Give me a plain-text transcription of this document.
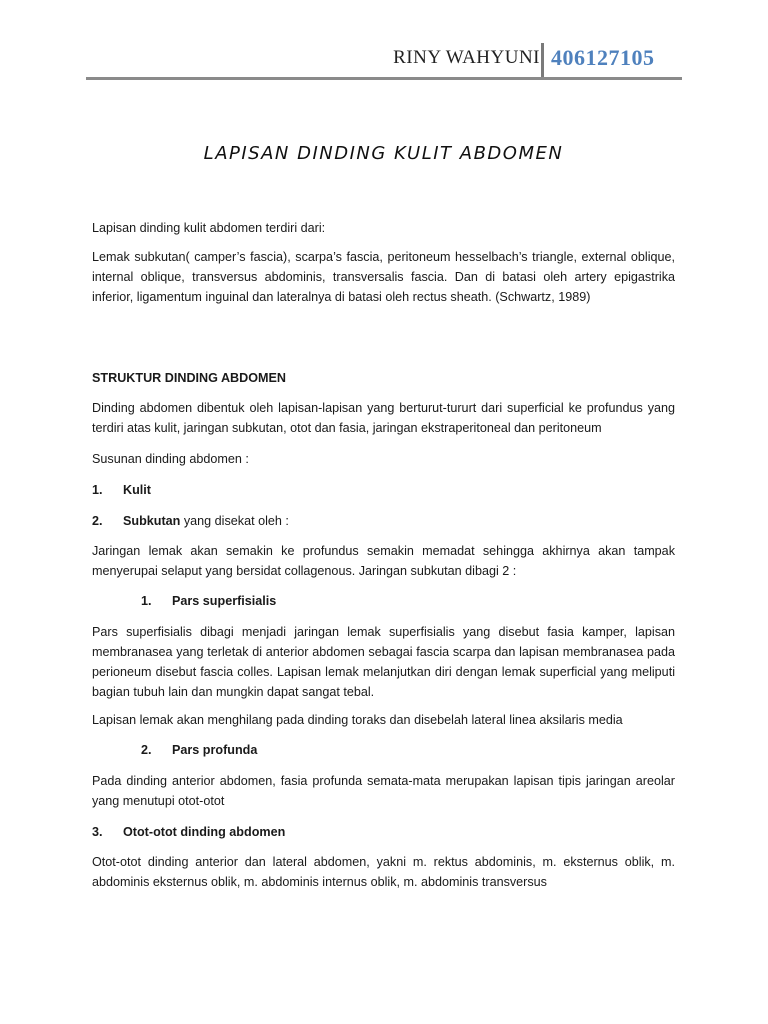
RINY WAHYUNI 406127105
LAPISAN DINDING KULIT ABDOMEN

Lapisan dinding kulit abdomen terdiri dari:

Lemak subkutan( camper’s fascia), scarpa’s fascia, peritoneum hesselbach’s triangle, external oblique, internal oblique, transversus abdominis, transversalis fascia. Dan di batasi oleh artery epigastrika inferior, ligamentum inguinal dan lateralnya di batasi oleh rectus sheath. (Schwartz, 1989)

STRUKTUR DINDING ABDOMEN

Dinding abdomen dibentuk oleh lapisan-lapisan yang berturut-tururt dari superficial ke profundus yang terdiri atas kulit, jaringan subkutan, otot dan fasia, jaringan ekstraperitoneal dan peritoneum

Susunan dinding abdomen :

1. Kulit

2. Subkutan yang disekat oleh :

Jaringan lemak akan semakin ke profundus semakin memadat sehingga akhirnya akan tampak menyerupai selaput yang bersidat collagenous. Jaringan subkutan dibagi 2 :

1. Pars superfisialis

Pars superfisialis dibagi menjadi jaringan lemak superfisialis yang disebut fasia kamper, lapisan membranasea yang terletak di anterior abdomen sebagai fascia scarpa dan lapisan membranasea pada perioneum disebut fascia colles. Lapisan lemak melanjutkan diri dengan lemak superficial yang meliputi bagian tubuh lain dan mungkin dapat sangat tebal.

Lapisan lemak akan menghilang pada dinding toraks dan disebelah lateral linea aksilaris media

2. Pars profunda

Pada dinding anterior abdomen, fasia profunda semata-mata merupakan lapisan tipis jaringan areolar yang menutupi otot-otot

3. Otot-otot dinding abdomen

Otot-otot dinding anterior dan lateral abdomen, yakni m. rektus abdominis, m. eksternus oblik, m. abdominis eksternus oblik, m. abdominis internus oblik, m. abdominis transversus
